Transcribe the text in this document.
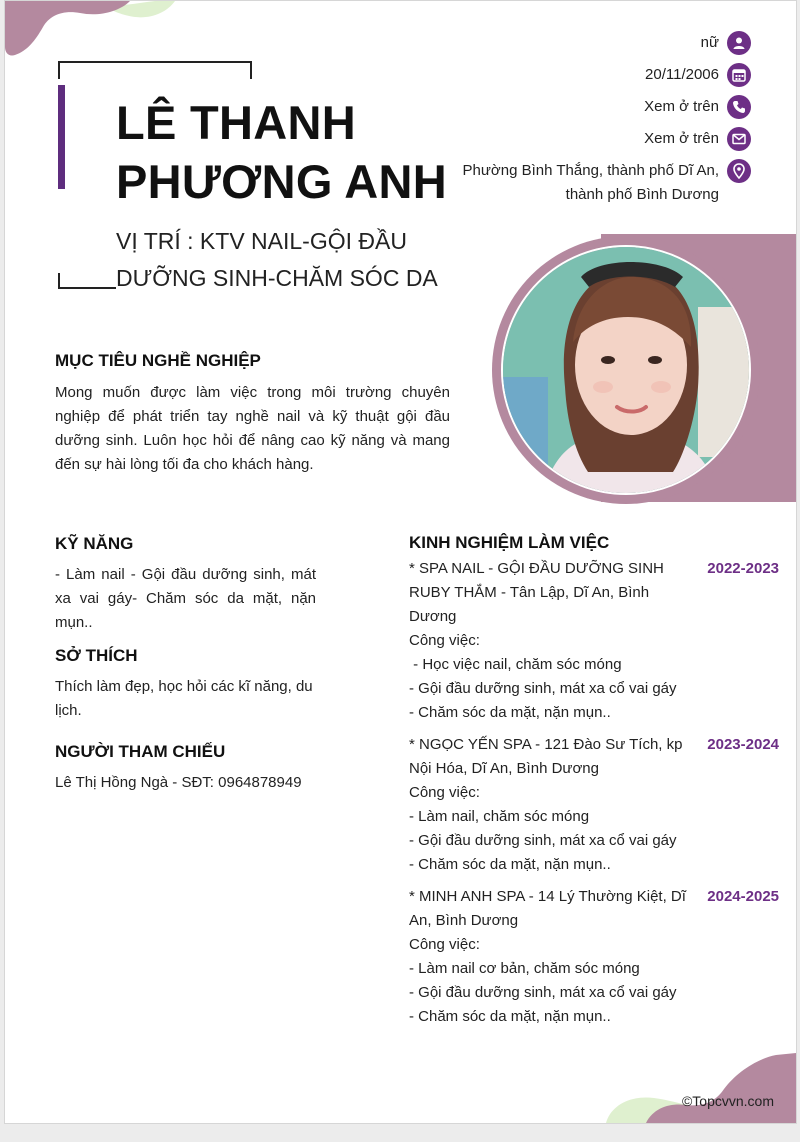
LÊ THANH PHƯƠNG ANH
VỊ TRÍ : KTV NAIL-GỘI ĐẦU DƯỠNG SINH-CHĂM SÓC DA
nữ
20/11/2006
Xem ở trên
Xem ở trên
Phường Bình Thắng, thành phố Dĩ An,
thành phố Bình Dương
MỤC TIÊU NGHỀ NGHIỆP
Mong muốn được làm việc trong môi trường chuyên nghiệp để phát triển tay nghề nail và kỹ thuật gội đầu dưỡng sinh. Luôn học hỏi để nâng cao kỹ năng và mang đến sự hài lòng tối đa cho khách hàng.
KỸ NĂNG
- Làm nail - Gội đầu dưỡng sinh, mát xa vai gáy- Chăm sóc da mặt, nặn mụn..
SỞ THÍCH
Thích làm đẹp, học hỏi các kĩ năng, du lịch.
NGƯỜI THAM CHIẾU
Lê Thị Hồng Ngà - SĐT: 0964878949
KINH NGHIỆM LÀM VIỆC
* SPA NAIL - GỘI ĐẦU DƯỠNG SINH RUBY THẮM - Tân Lập, Dĩ An, Bình Dương
Công việc:
- Học việc nail, chăm sóc móng
- Gội đầu dưỡng sinh, mát xa cổ vai gáy
- Chăm sóc da mặt, nặn mụn..
2022-2023
* NGỌC YẾN SPA - 121 Đào Sư Tích, kp Nội Hóa, Dĩ An, Bình Dương
Công việc:
- Làm nail, chăm sóc móng
- Gội đầu dưỡng sinh, mát xa cổ vai gáy
- Chăm sóc da mặt, nặn mụn..
2023-2024
* MINH ANH SPA - 14 Lý Thường Kiệt, Dĩ An, Bình Dương
Công việc:
- Làm nail cơ bản, chăm sóc móng
- Gội đầu dưỡng sinh, mát xa cổ vai gáy
- Chăm sóc da mặt, nặn mụn..
2024-2025
©Topcvvn.com
